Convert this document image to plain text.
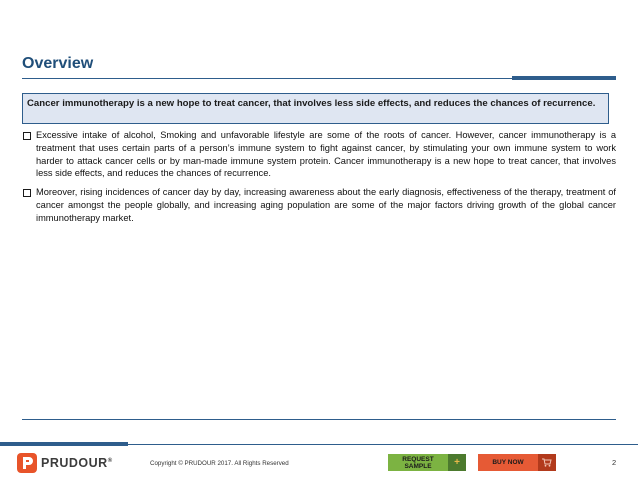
Overview
Cancer immunotherapy is a new hope to treat cancer, that involves less side effects, and reduces the chances of recurrence.
Excessive intake of alcohol, Smoking and unfavorable lifestyle are some of the roots of cancer. However, cancer immunotherapy is a treatment that uses certain parts of a person’s immune system to fight against cancer, by stimulating your own immune system to work harder to attack cancer cells or by man-made immune system protein. Cancer immunotherapy is a new hope to treat cancer, that involves less side effects, and reduces the chances of recurrence.
Moreover, rising incidences of cancer day by day, increasing awareness about the early diagnosis, effectiveness of the therapy, treatment of cancer amongst the people globally, and increasing aging population are some of the major factors driving growth of the global cancer immunotherapy market.
PRUDOUR®	Copyright © PRUDOUR 2017. All Rights Reserved
REQUEST SAMPLE	+	BUY NOW	2
